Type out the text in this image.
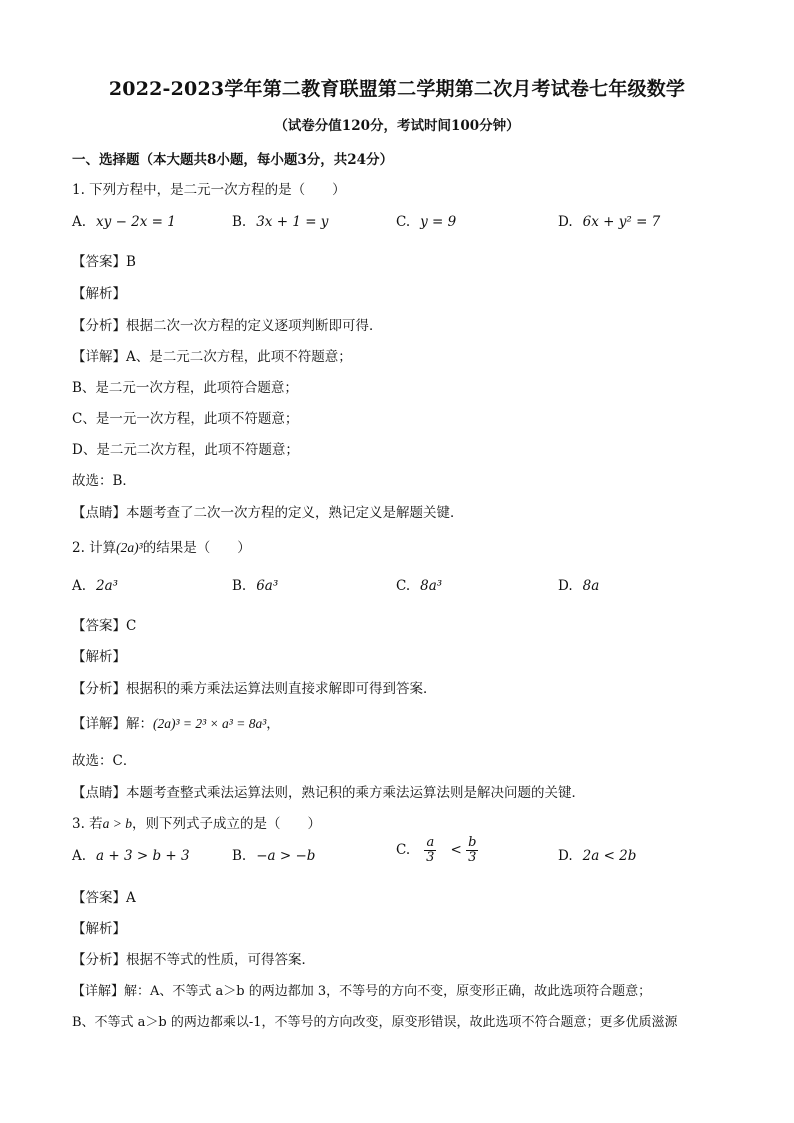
2022-2023学年第二教育联盟第二学期第二次月考试卷七年级数学
（试卷分值120分，考试时间100分钟）
一、选择题（本大题共8小题，每小题3分，共24分）
1. 下列方程中，是二元一次方程的是（　　）
A. xy − 2x = 1	B. 3x + 1 = y	C. y = 9	D. 6x + y² = 7
【答案】B
【解析】
【分析】根据二次一次方程的定义逐项判断即可得．
【详解】A、是二元二次方程，此项不符题意；
B、是二元一次方程，此项符合题意；
C、是一元一次方程，此项不符题意；
D、是二元二次方程，此项不符题意；
故选：B．
【点睛】本题考查了二次一次方程的定义，熟记定义是解题关键．
2. 计算(2a)³的结果是（　　）
A. 2a³	B. 6a³	C. 8a³	D. 8a
【答案】C
【解析】
【分析】根据积的乘方乘法运算法则直接求解即可得到答案．
【详解】解：(2a)³ = 2³ × a³ = 8a³，
故选：C．
【点睛】本题考查整式乘法运算法则，熟记积的乘方乘法运算法则是解决问题的关键．
3. 若a > b，则下列式子成立的是（　　）
A. a + 3 > b + 3	B. −a > −b	C. $\frac{a}{3} < \frac{b}{3}$	D. 2a < 2b
【答案】A
【解析】
【分析】根据不等式的性质，可得答案．
【详解】解：A、不等式 a＞b 的两边都加 3，不等号的方向不变，原变形正确，故此选项符合题意；
B、不等式 a＞b 的两边都乘以-1，不等号的方向改变，原变形错误，故此选项不符合题意；更多优质滋源
